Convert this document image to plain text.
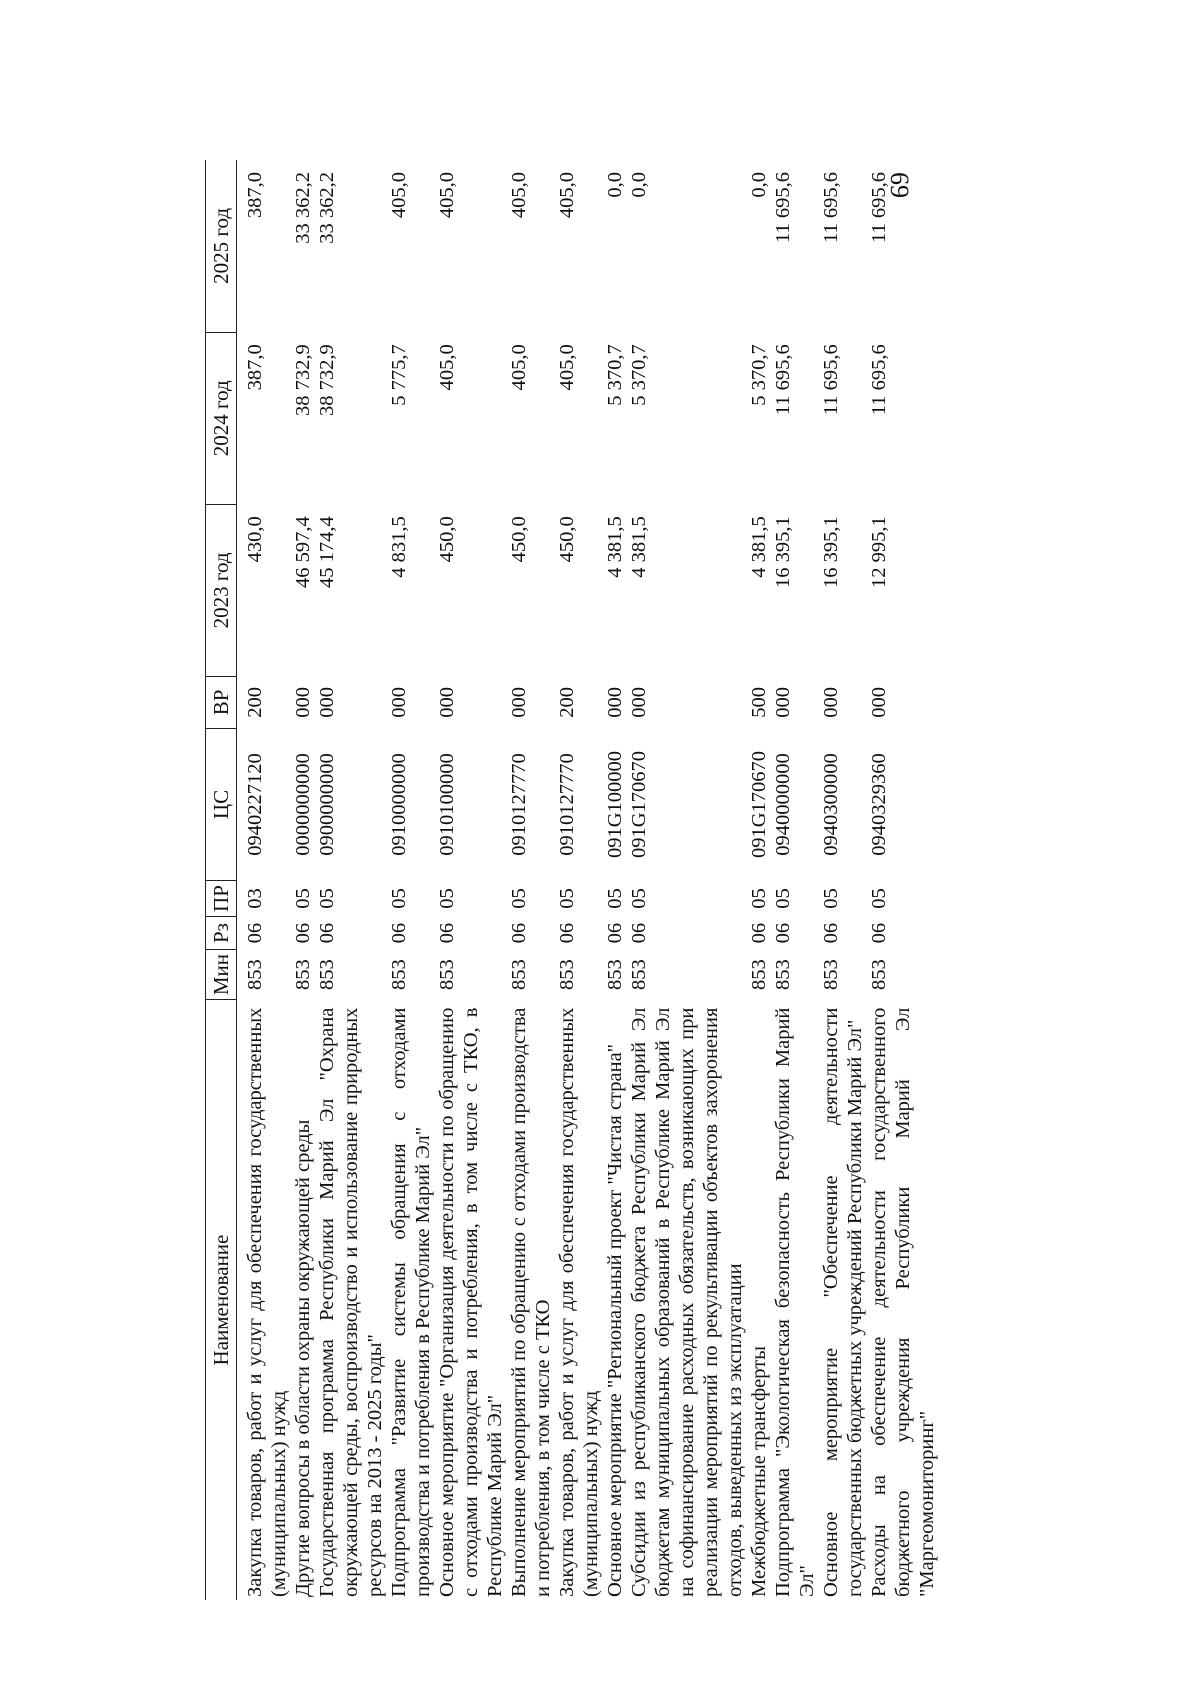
69
Наименование	Мин	Рз	ПР	ЦС	ВР	2023 год	2024 год	2025 год
Закупка товаров, работ и услуг для обеспечения государственных (муниципальных) нужд	853	06	03	0940227120	200	430,0	387,0	387,0
Другие вопросы в области охраны окружающей среды	853	06	05	0000000000	000	46 597,4	38 732,9	33 362,2
Государственная программа Республики Марий Эл "Охрана окружающей среды, воспроизводство и использование природных ресурсов на 2013 - 2025 годы"	853	06	05	0900000000	000	45 174,4	38 732,9	33 362,2
Подпрограмма "Развитие системы обращения с отходами производства и потребления в Республике Марий Эл"	853	06	05	0910000000	000	4 831,5	5 775,7	405,0
Основное мероприятие "Организация деятельности по обращению с отходами производства и потребления, в том числе с ТКО, в Республике Марий Эл"	853	06	05	0910100000	000	450,0	405,0	405,0
Выполнение мероприятий по обращению с отходами производства и потребления, в том числе с ТКО	853	06	05	0910127770	000	450,0	405,0	405,0
Закупка товаров, работ и услуг для обеспечения государственных (муниципальных) нужд	853	06	05	0910127770	200	450,0	405,0	405,0
Основное мероприятие "Региональный проект "Чистая страна"	853	06	05	091G100000	000	4 381,5	5 370,7	0,0
Субсидии из республиканского бюджета Республики Марий Эл бюджетам муниципальных образований в Республике Марий Эл на софинансирование расходных обязательств, возникающих при реализации мероприятий по рекультивации объектов захоронения отходов, выведенных из эксплуатации	853	06	05	091G170670	000	4 381,5	5 370,7	0,0
Межбюджетные трансферты	853	06	05	091G170670	500	4 381,5	5 370,7	0,0
Подпрограмма "Экологическая безопасность Республики Марий Эл"	853	06	05	0940000000	000	16 395,1	11 695,6	11 695,6
Основное мероприятие "Обеспечение деятельности государственных бюджетных учреждений Республики Марий Эл"	853	06	05	0940300000	000	16 395,1	11 695,6	11 695,6
Расходы на обеспечение деятельности государственного бюджетного учреждения Республики Марий Эл "Маргеомониторинг"	853	06	05	0940329360	000	12 995,1	11 695,6	11 695,6
